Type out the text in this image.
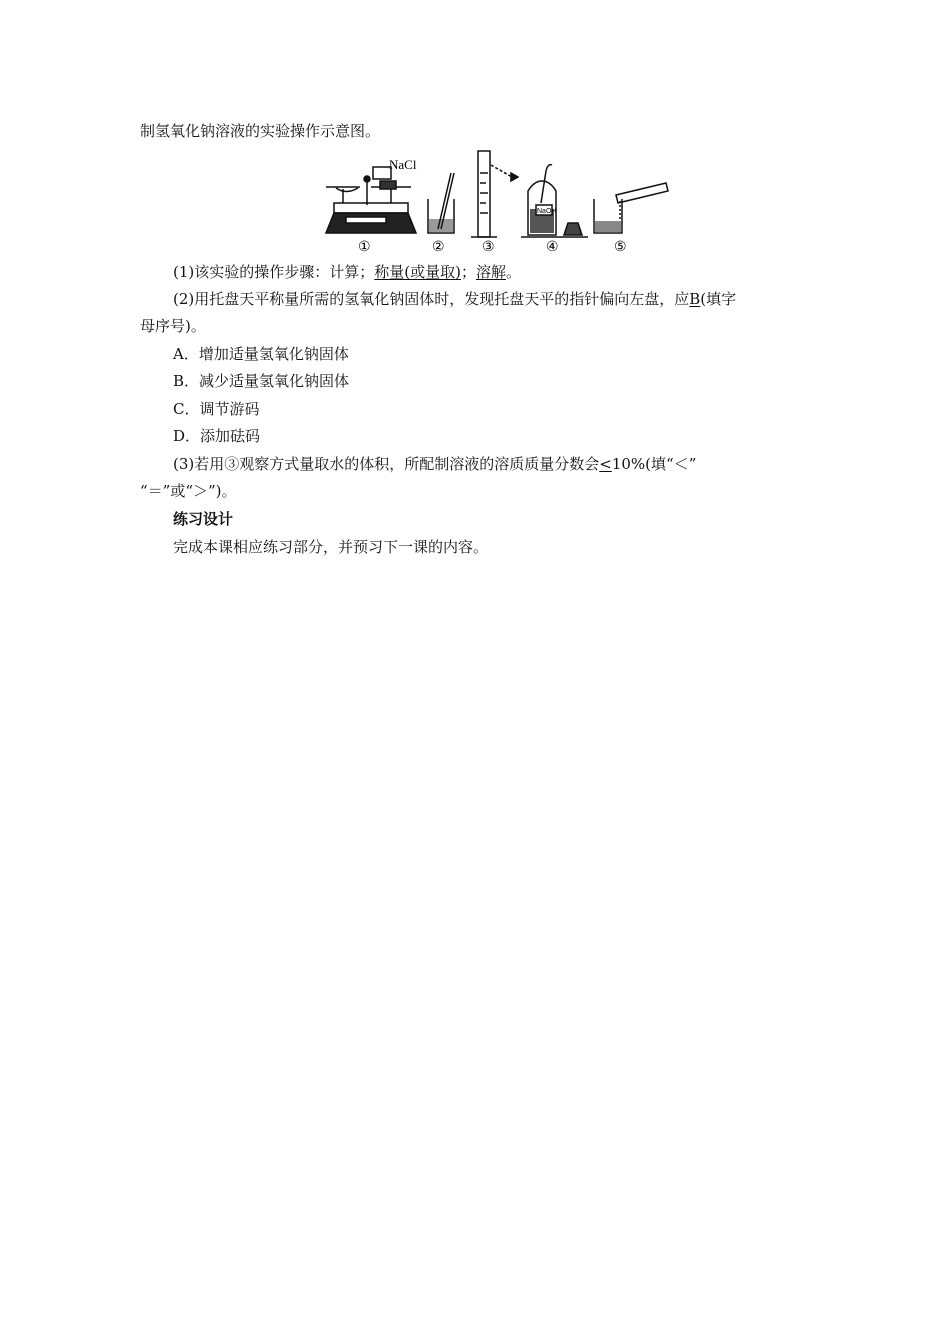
制氢氧化钠溶液的实验操作示意图。
NaCl
NaOH
①	②	③	④	⑤
(1)该实验的操作步骤：计算；称量(或量取)；溶解。
(2)用托盘天平称量所需的氢氧化钠固体时，发现托盘天平的指针偏向左盘，应B(填字
母序号)。
A．增加适量氢氧化钠固体
B．减少适量氢氧化钠固体
C．调节游码
D．添加砝码
(3)若用③观察方式量取水的体积，所配制溶液的溶质质量分数会<10%(填“＜”
“＝”或“＞”)。
练习设计
完成本课相应练习部分，并预习下一课的内容。
